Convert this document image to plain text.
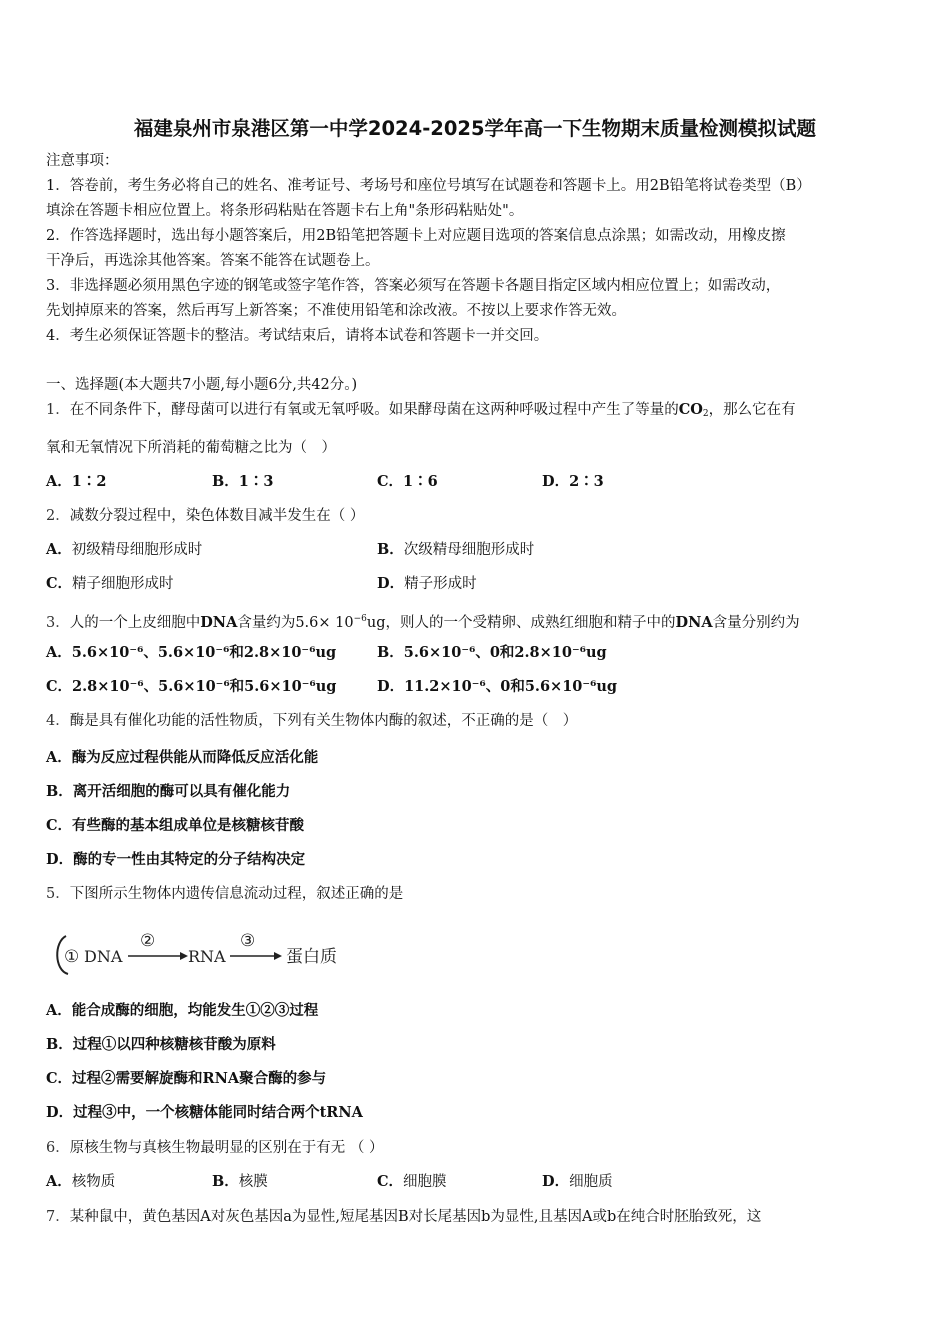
福建泉州市泉港区第一中学2024-2025学年高一下生物期末质量检测模拟试题
注意事项：
1．答卷前，考生务必将自己的姓名、准考证号、考场号和座位号填写在试题卷和答题卡上。用2B铅笔将试卷类型（B）
填涂在答题卡相应位置上。将条形码粘贴在答题卡右上角"条形码粘贴处"。
2．作答选择题时，选出每小题答案后，用2B铅笔把答题卡上对应题目选项的答案信息点涂黑；如需改动，用橡皮擦
干净后，再选涂其他答案。答案不能答在试题卷上。
3．非选择题必须用黑色字迹的钢笔或签字笔作答，答案必须写在答题卡各题目指定区域内相应位置上；如需改动，
先划掉原来的答案，然后再写上新答案；不准使用铅笔和涂改液。不按以上要求作答无效。
4．考生必须保证答题卡的整洁。考试结束后，请将本试卷和答题卡一并交回。
一、选择题(本大题共7小题,每小题6分,共42分。)
1．在不同条件下，酵母菌可以进行有氧或无氧呼吸。如果酵母菌在这两种呼吸过程中产生了等量的$CO_2$，那么它在有
氧和无氧情况下所消耗的葡萄糖之比为（　）
A．1∶2	B．1∶3	C．1∶6	D．2∶3
2．减数分裂过程中，染色体数目减半发生在（ ）
A．初级精母细胞形成时	B．次级精母细胞形成时
C．精子细胞形成时	D．精子形成时
3．人的一个上皮细胞中DNA含量约为$5.6\times 10^{-6}ug$，则人的一个受精卵、成熟红细胞和精子中的DNA含量分别约为
A．5.6×10⁻⁶、5.6×10⁻⁶和2.8×10⁻⁶ug	B．5.6×10⁻⁶、0和2.8×10⁻⁶ug
C．2.8×10⁻⁶、5.6×10⁻⁶和5.6×10⁻⁶ug	D．11.2×10⁻⁶、0和5.6×10⁻⁶ug
4．酶是具有催化功能的活性物质，下列有关生物体内酶的叙述，不正确的是（　）
A．酶为反应过程供能从而降低反应活化能
B．离开活细胞的酶可以具有催化能力
C．有些酶的基本组成单位是核糖核苷酸
D．酶的专一性由其特定的分子结构决定
5．下图所示生物体内遗传信息流动过程，叙述正确的是
① DNA
②
RNA
③
蛋白质
A．能合成酶的细胞，均能发生①②③过程
B．过程①以四种核糖核苷酸为原料
C．过程②需要解旋酶和RNA聚合酶的参与
D．过程③中，一个核糖体能同时结合两个tRNA
6．原核生物与真核生物最明显的区别在于有无 （ ）
A．核物质	B．核膜	C．细胞膜	D．细胞质
7．某种鼠中，黄色基因A对灰色基因a为显性,短尾基因B对长尾基因b为显性,且基因A或b在纯合时胚胎致死，这
